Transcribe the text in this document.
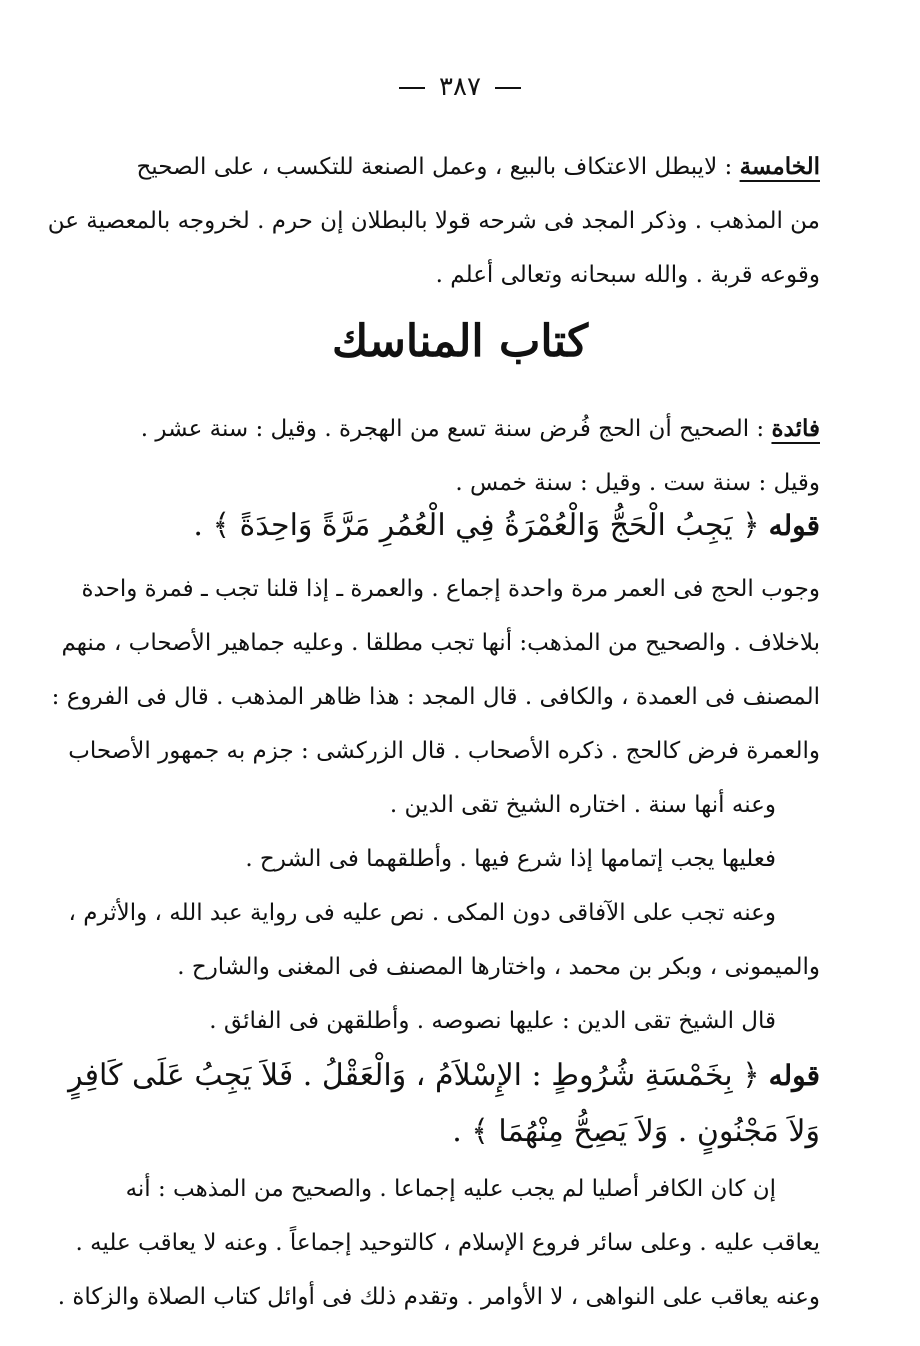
٣٨٧
الخامسة : لايبطل الاعتكاف بالبيع ، وعمل الصنعة للتكسب ، على الصحيح
من المذهب . وذكر المجد فى شرحه قولا بالبطلان إن حرم . لخروجه بالمعصية عن
وقوعه قربة . والله سبحانه وتعالى أعلم .
كتاب المناسك
فائدة : الصحيح أن الحج فُرض سنة تسع من الهجرة . وقيل : سنة عشر .
وقيل : سنة ست . وقيل : سنة خمس .
قوله ﴿ يَجِبُ الْحَجُّ وَالْعُمْرَةُ فِي الْعُمُرِ مَرَّةً وَاحِدَةً ﴾ .
وجوب الحج فى العمر مرة واحدة إجماع . والعمرة ـ إذا قلنا تجب ـ فمرة واحدة
بلاخلاف . والصحيح من المذهب: أنها تجب مطلقا . وعليه جماهير الأصحاب ، منهم
المصنف فى العمدة ، والكافى . قال المجد : هذا ظاهر المذهب . قال فى الفروع :
والعمرة فرض كالحج . ذكره الأصحاب . قال الزركشى : جزم به جمهور الأصحاب
وعنه أنها سنة . اختاره الشيخ تقى الدين .
فعليها يجب إتمامها إذا شرع فيها . وأطلقهما فى الشرح .
وعنه تجب على الآفاقى دون المكى . نص عليه فى رواية عبد الله ، والأثرم ،
والميمونى ، وبكر بن محمد ، واختارها المصنف فى المغنى والشارح .
قال الشيخ تقى الدين : عليها نصوصه . وأطلقهن فى الفائق .
قوله ﴿ بِخَمْسَةِ شُرُوطٍ : الإِسْلاَمُ ، وَالْعَقْلُ . فَلاَ يَجِبُ عَلَى كَافِرٍ
وَلاَ مَجْنُونٍ . وَلاَ يَصِحُّ مِنْهُمَا ﴾ .
إن كان الكافر أصليا لم يجب عليه إجماعا . والصحيح من المذهب : أنه
يعاقب عليه . وعلى سائر فروع الإسلام ، كالتوحيد إجماعاً . وعنه لا يعاقب عليه .
وعنه يعاقب على النواهى ، لا الأوامر . وتقدم ذلك فى أوائل كتاب الصلاة والزكاة .
